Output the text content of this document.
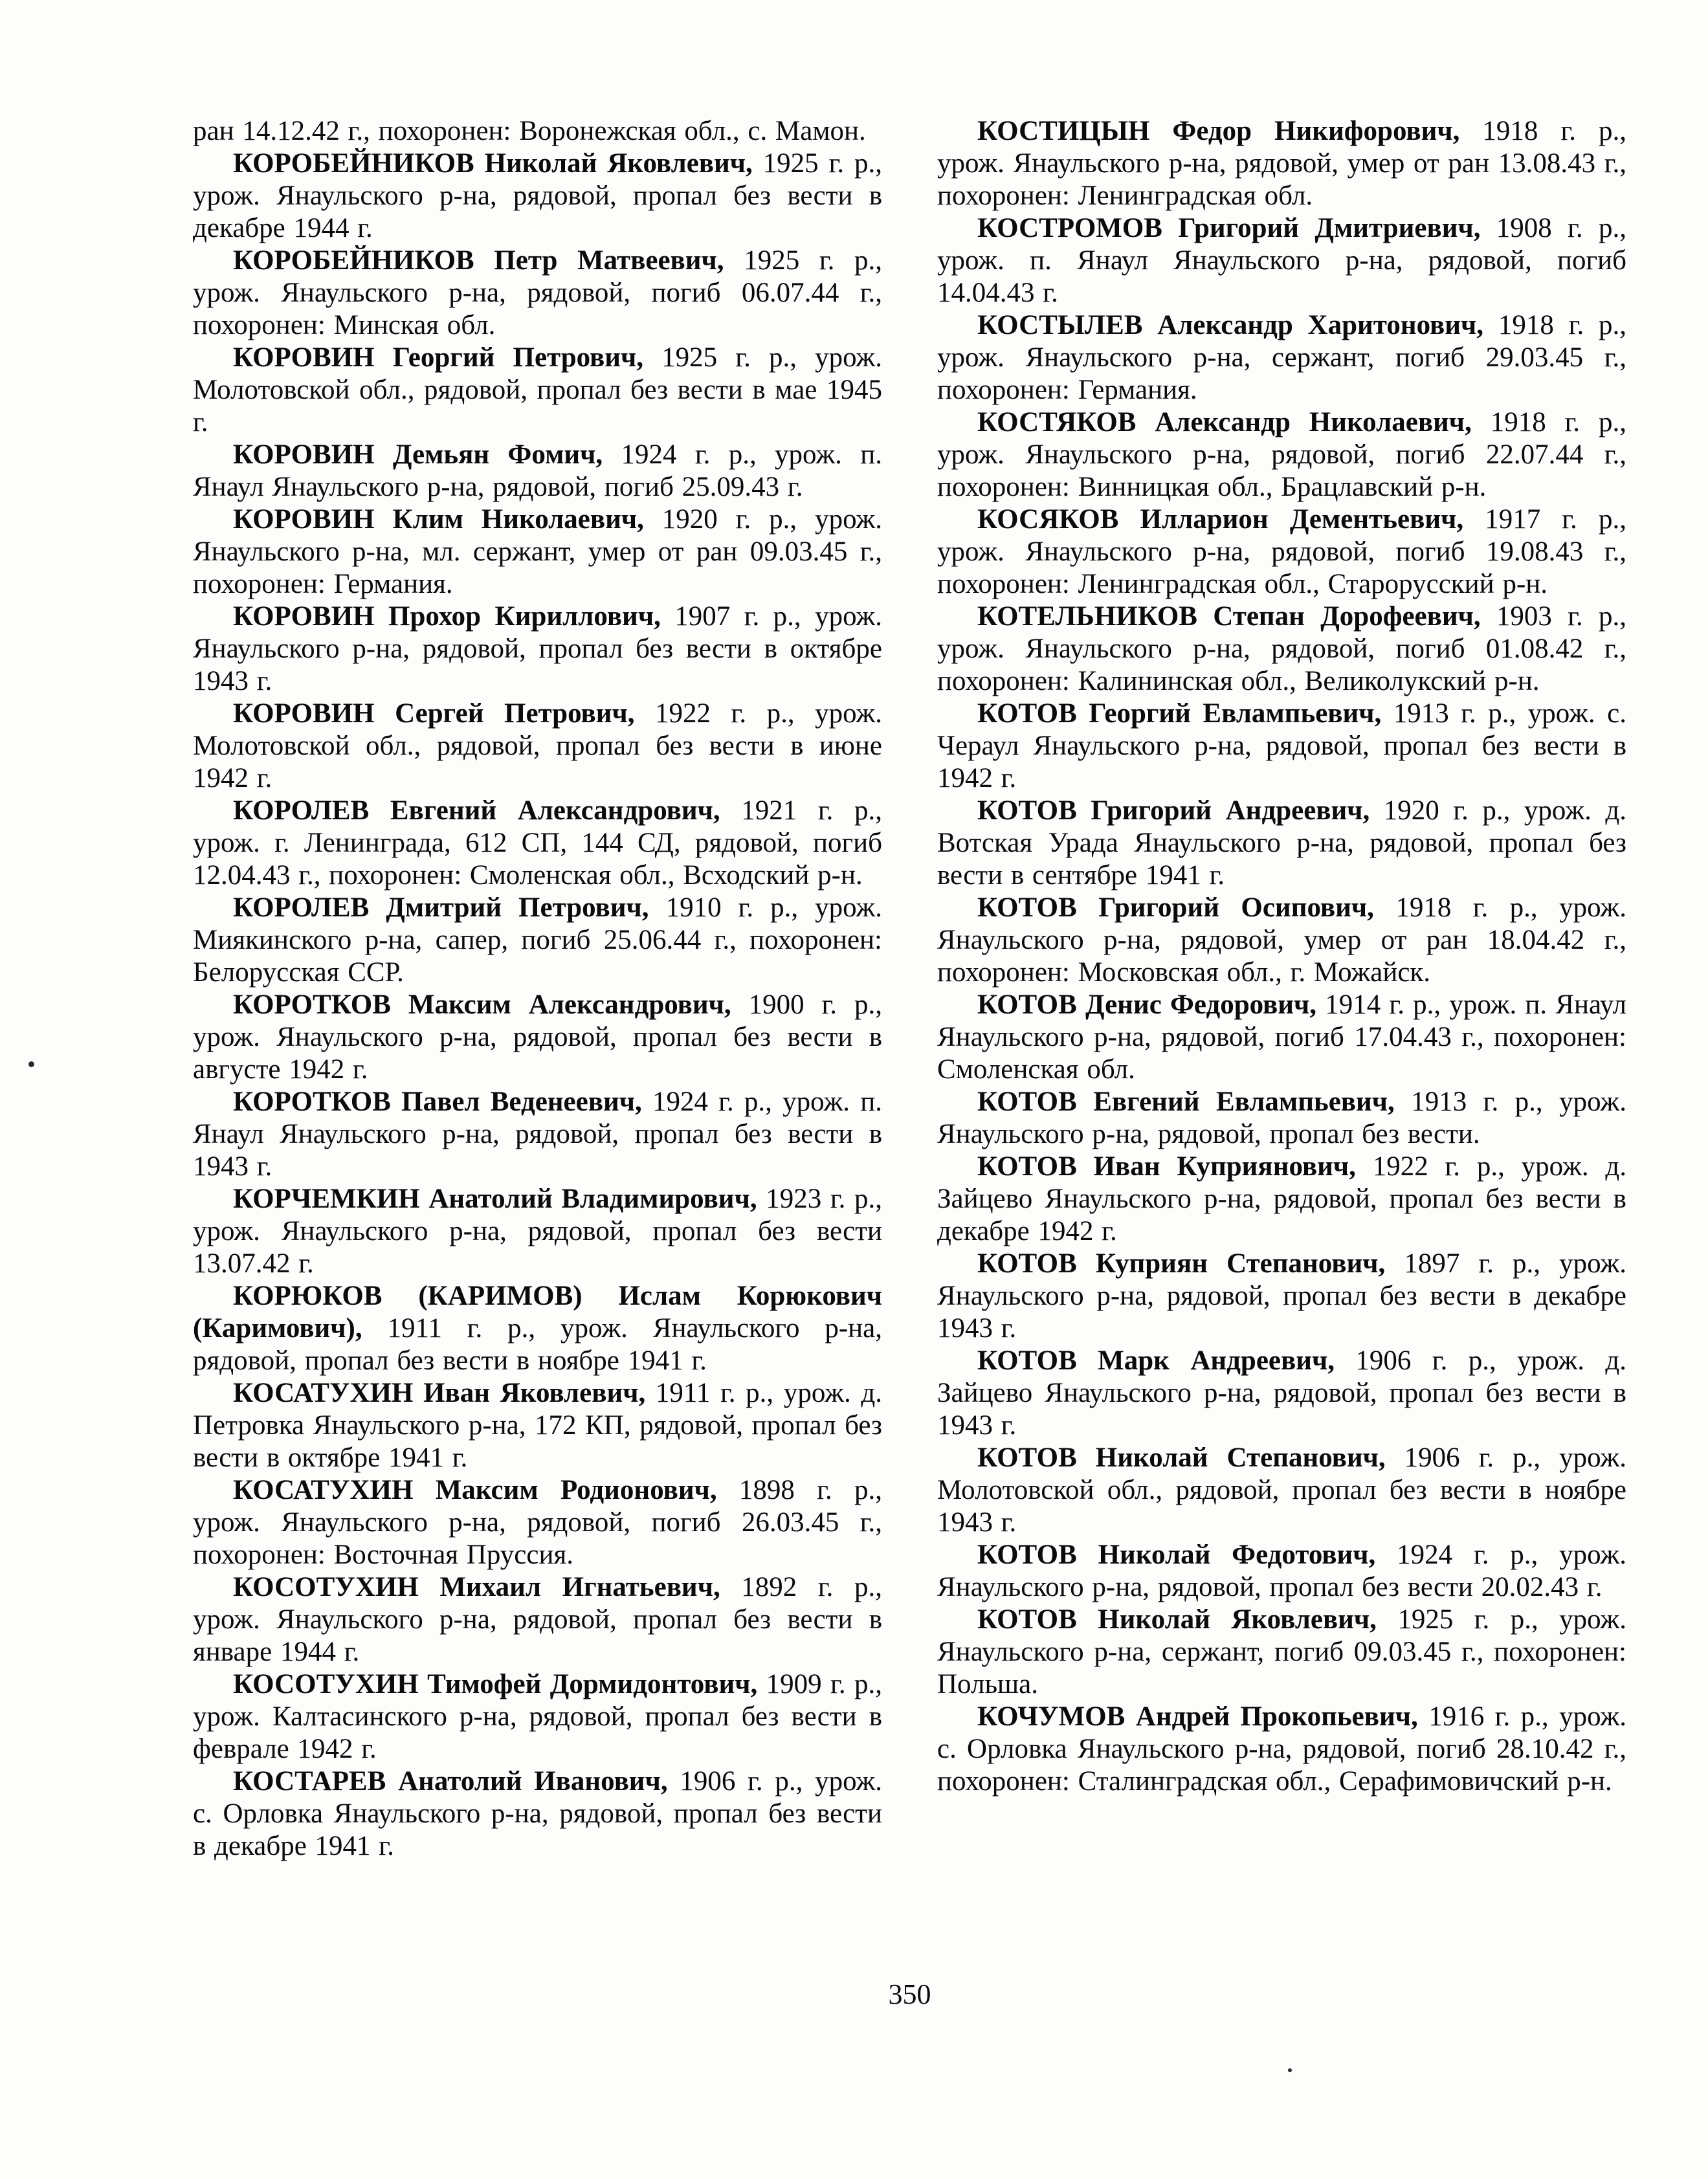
ран 14.12.42 г., похоронен: Воронежская обл., с. Мамон.

КОРОБЕЙНИКОВ Николай Яковлевич, 1925 г. р., урож. Янаульского р-на, рядовой, пропал без вести в декабре 1944 г.

КОРОБЕЙНИКОВ Петр Матвеевич, 1925 г. р., урож. Янаульского р-на, рядовой, погиб 06.07.44 г., похоронен: Минская обл.

КОРОВИН Георгий Петрович, 1925 г. р., урож. Молотовской обл., рядовой, пропал без вести в мае 1945 г.

КОРОВИН Демьян Фомич, 1924 г. р., урож. п. Янаул Янаульского р-на, рядовой, погиб 25.09.43 г.

КОРОВИН Клим Николаевич, 1920 г. р., урож. Янаульского р-на, мл. сержант, умер от ран 09.03.45 г., похоронен: Германия.

КОРОВИН Прохор Кириллович, 1907 г. р., урож. Янаульского р-на, рядовой, пропал без вести в октябре 1943 г.

КОРОВИН Сергей Петрович, 1922 г. р., урож. Молотовской обл., рядовой, пропал без вести в июне 1942 г.

КОРОЛЕВ Евгений Александрович, 1921 г. р., урож. г. Ленинграда, 612 СП, 144 СД, рядовой, погиб 12.04.43 г., похоронен: Смоленская обл., Всходский р-н.

КОРОЛЕВ Дмитрий Петрович, 1910 г. р., урож. Миякинского р-на, сапер, погиб 25.06.44 г., похоронен: Белорусская ССР.

КОРОТКОВ Максим Александрович, 1900 г. р., урож. Янаульского р-на, рядовой, пропал без вести в августе 1942 г.

КОРОТКОВ Павел Веденеевич, 1924 г. р., урож. п. Янаул Янаульского р-на, рядовой, пропал без вести в 1943 г.

КОРЧЕМКИН Анатолий Владимирович, 1923 г. р., урож. Янаульского р-на, рядовой, пропал без вести 13.07.42 г.

КОРЮКОВ (КАРИМОВ) Ислам Корюкович (Каримович), 1911 г. р., урож. Янаульского р-на, рядовой, пропал без вести в ноябре 1941 г.

КОСАТУХИН Иван Яковлевич, 1911 г. р., урож. д. Петровка Янаульского р-на, 172 КП, рядовой, пропал без вести в октябре 1941 г.

КОСАТУХИН Максим Родионович, 1898 г. р., урож. Янаульского р-на, рядовой, погиб 26.03.45 г., похоронен: Восточная Пруссия.

КОСОТУХИН Михаил Игнатьевич, 1892 г. р., урож. Янаульского р-на, рядовой, пропал без вести в январе 1944 г.

КОСОТУХИН Тимофей Дормидонтович, 1909 г. р., урож. Калтасинского р-на, рядовой, пропал без вести в феврале 1942 г.

КОСТАРЕВ Анатолий Иванович, 1906 г. р., урож. с. Орловка Янаульского р-на, рядовой, пропал без вести в декабре 1941 г.

КОСТИЦЫН Федор Никифорович, 1918 г. р., урож. Янаульского р-на, рядовой, умер от ран 13.08.43 г., похоронен: Ленинградская обл.

КОСТРОМОВ Григорий Дмитриевич, 1908 г. р., урож. п. Янаул Янаульского р-на, рядовой, погиб 14.04.43 г.

КОСТЫЛЕВ Александр Харитонович, 1918 г. р., урож. Янаульского р-на, сержант, погиб 29.03.45 г., похоронен: Германия.

КОСТЯКОВ Александр Николаевич, 1918 г. р., урож. Янаульского р-на, рядовой, погиб 22.07.44 г., похоронен: Винницкая обл., Брацлавский р-н.

КОСЯКОВ Илларион Дементьевич, 1917 г. р., урож. Янаульского р-на, рядовой, погиб 19.08.43 г., похоронен: Ленинградская обл., Старорусский р-н.

КОТЕЛЬНИКОВ Степан Дорофеевич, 1903 г. р., урож. Янаульского р-на, рядовой, погиб 01.08.42 г., похоронен: Калининская обл., Великолукский р-н.

КОТОВ Георгий Евлампьевич, 1913 г. р., урож. с. Чераул Янаульского р-на, рядовой, пропал без вести в 1942 г.

КОТОВ Григорий Андреевич, 1920 г. р., урож. д. Вотская Урада Янаульского р-на, рядовой, пропал без вести в сентябре 1941 г.

КОТОВ Григорий Осипович, 1918 г. р., урож. Янаульского р-на, рядовой, умер от ран 18.04.42 г., похоронен: Московская обл., г. Можайск.

КОТОВ Денис Федорович, 1914 г. р., урож. п. Янаул Янаульского р-на, рядовой, погиб 17.04.43 г., похоронен: Смоленская обл.

КОТОВ Евгений Евлампьевич, 1913 г. р., урож. Янаульского р-на, рядовой, пропал без вести.

КОТОВ Иван Куприянович, 1922 г. р., урож. д. Зайцево Янаульского р-на, рядовой, пропал без вести в декабре 1942 г.

КОТОВ Куприян Степанович, 1897 г. р., урож. Янаульского р-на, рядовой, пропал без вести в декабре 1943 г.

КОТОВ Марк Андреевич, 1906 г. р., урож. д. Зайцево Янаульского р-на, рядовой, пропал без вести в 1943 г.

КОТОВ Николай Степанович, 1906 г. р., урож. Молотовской обл., рядовой, пропал без вести в ноябре 1943 г.

КОТОВ Николай Федотович, 1924 г. р., урож. Янаульского р-на, рядовой, пропал без вести 20.02.43 г.

КОТОВ Николай Яковлевич, 1925 г. р., урож. Янаульского р-на, сержант, погиб 09.03.45 г., похоронен: Польша.

КОЧУМОВ Андрей Прокопьевич, 1916 г. р., урож. с. Орловка Янаульского р-на, рядовой, погиб 28.10.42 г., похоронен: Сталинградская обл., Серафимовичский р-н.

350
